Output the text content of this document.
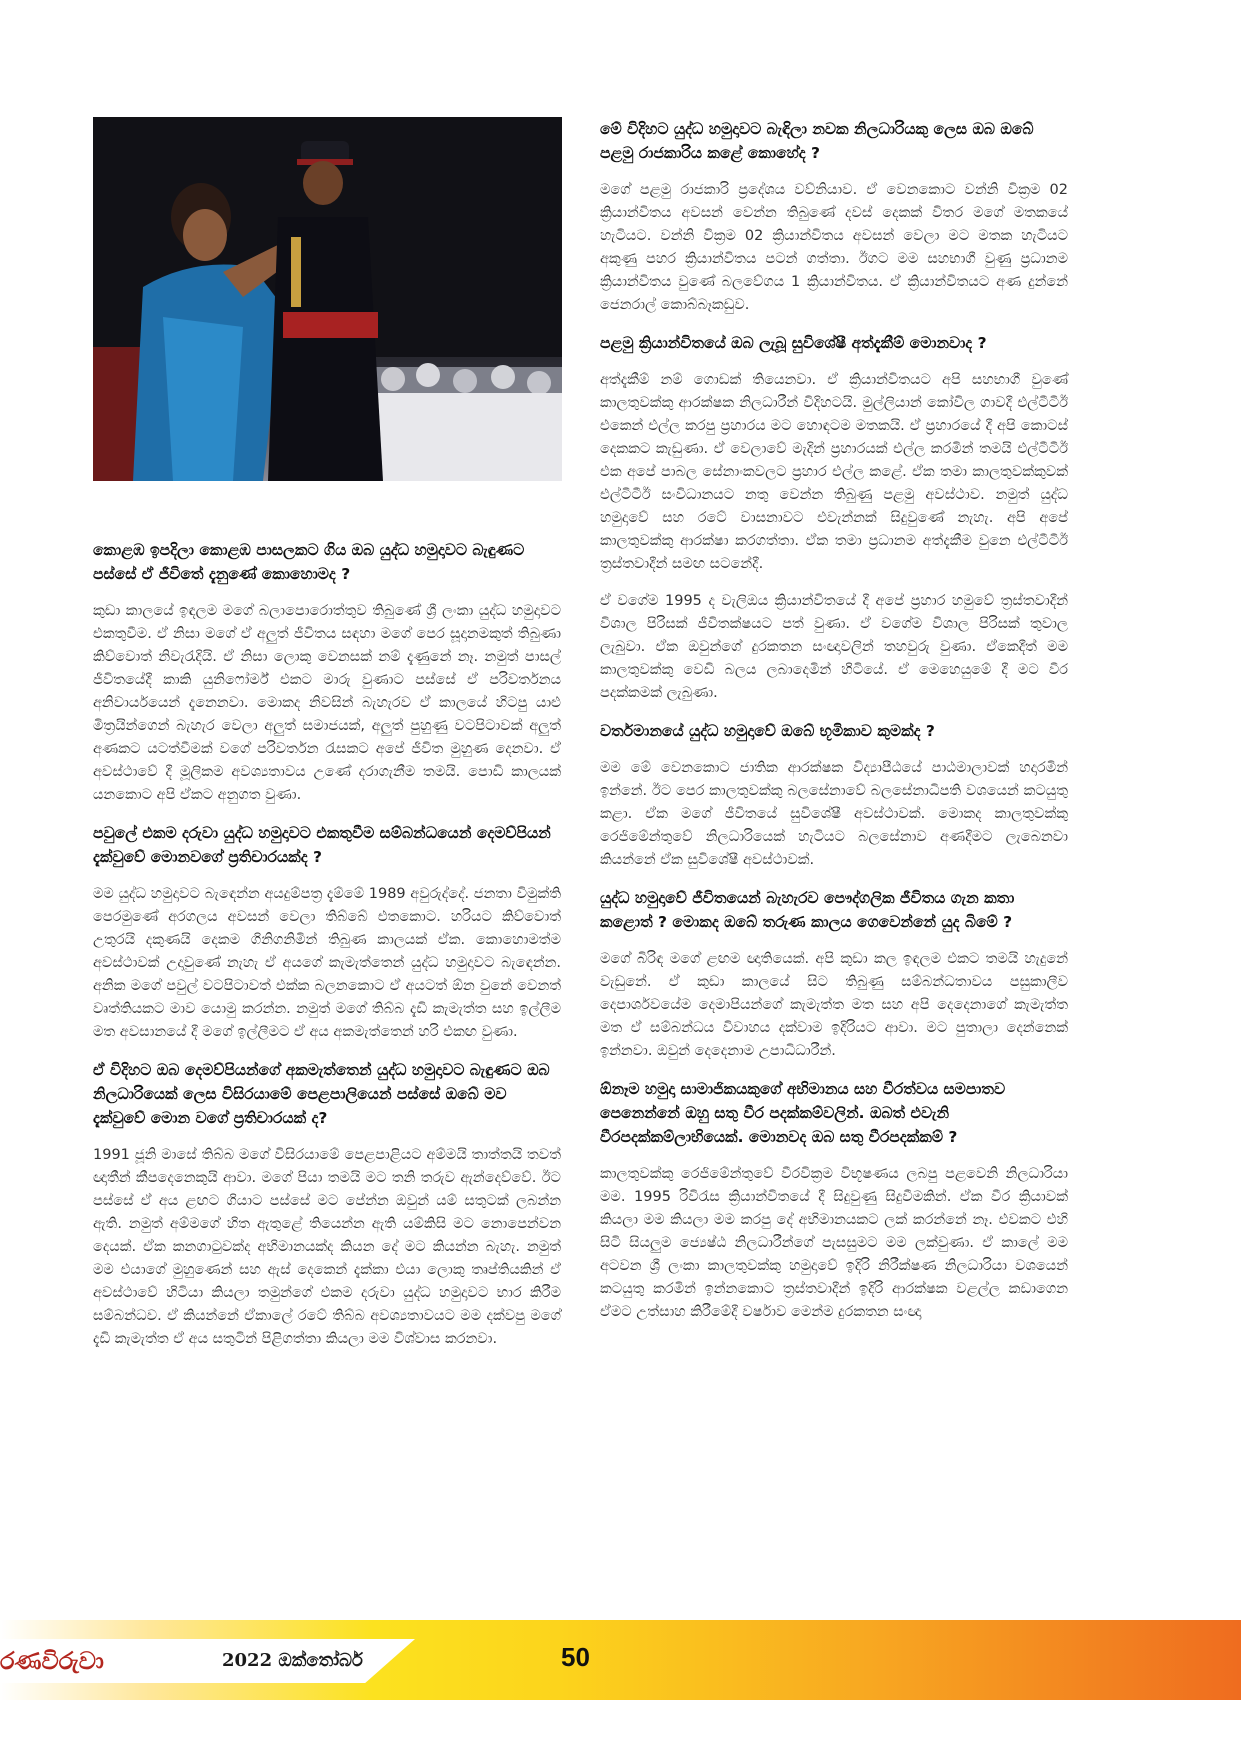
කොළඹ ඉපදිලා කොළඹ පාසලකට ගිය ඔබ යුද්ධ හමුදාවට බැඳුණට පස්සේ ඒ ජීවිතේ දැනුණේ කොහොමද ?

කුඩා කාලයේ ඉඳලම මගේ බලාපොරොත්තුව තිබුණේ ශ්‍රී ලංකා යුද්ධ හමුදාවට එකතුවීම. ඒ නිසා මගේ ඒ අලුත් ජීවිතය සඳහා මගේ පෙර සූදානමකුත් තිබුණා කිව්වොත් නිවැරැදියි. ඒ නිසා ලොකු වෙනසක් නම් දැණුනේ නෑ. නමුත් පාසල් ජීවිතයේදී කාකි යුනිෆෝර්ම් එකට මාරු වුණාට පස්සේ ඒ පරිවර්තනය අනිවාර්යයෙන් දැනෙනවා. මොකද නිවසින් බැහැරව ඒ කාලයේ හිටපු යාළු මිත්‍රයින්ගෙන් බැහැර වෙලා අලුත් සමාජයක්, අලුත් පුහුණු වටපිටාවක් අලුත් අණකට යටත්වීමක් වගේ පරිවර්තන රැසකට අපේ ජීවිත මුහුණ දෙනවා. ඒ අවස්ථාවේ දී මූලිකම අවශ්‍යතාවය උණේ දරාගැනීම තමයි. පොඩි කාලයක් යනකොට අපි ඒකට අනුගත වුණා.

පවුලේ එකම දරුවා යුද්ධ හමුදාවට එකතුවීම සම්බන්ධයෙන් දෙමව්පියන් දැක්වුවේ මොනවගේ ප්‍රතිචාරයක්ද ?

මම යුද්ධ හමුදාවට බැඳෙන්න අයදුම්පත්‍ර දැම්මේ 1989 අවුරුද්දේ. ජනතා විමුක්ති පෙරමුණේ අරගලය අවසන් වෙලා තිබ්බේ එතකොට. හරියට කිව්වොත් උතුරයි දකුණයි දෙකම ගිනිගනිමින් තිබුණ කාලයක් ඒක. කොහොමත්ම අවස්ථාවක් උදාවුණේ නැහැ ඒ අයගේ කැමැත්තෙන් යුද්ධ හමුදාවට බැඳෙන්න. අනික මගේ පවුල් වටපිටාවත් එක්ක බලනකොට ඒ අයටත් ඕන වුනේ වෙනත් වෘත්තියකට මාව යොමු කරන්න. නමුත් මගේ තිබ්බ දැඩි කැමැත්ත සහ ඉල්ලීම මත අවසානයේ දී මගේ ඉල්ලීමට ඒ අය අකමැත්තෙන් හරි එකඟ වුණා.

ඒ විදිහට ඔබ දෙමව්පියන්ගේ අකමැත්තෙන් යුද්ධ හමුදාවට බැඳුණට ඔබ නිලධාරියෙක් ලෙස විසිරයාමේ පෙළපාලියෙන් පස්සේ ඔබේ මව දැක්වුවේ මොන වගේ ප්‍රතිචාරයක් ද?

1991 ජූනි මාසේ තිබ්බ මගේ විසිරයාමේ පෙළපාළියට අම්මයි තාත්තයි තවත් ඥාතීන් කීපදෙනෙකුයි ආවා. මගේ පියා තමයි මට තනි තරුව ඇන්දෙව්වේ. ඊට පස්සේ ඒ අය ළඟට ගියාට පස්සේ මට පේන්න ඔවුන් යම් සතුටක් ලබන්න ඇති. නමුත් අම්මගේ හිත ඇතුළේ තියෙන්න ඇති යම්කිසි මට නොපෙන්වන දෙයක්. ඒක කනගාටුවක්ද අභිමානයක්ද කියන දේ මට කියන්න බැහැ. නමුත් මම එයාගේ මුහුණෙන් සහ ඇස් දෙකෙන් දැක්කා එයා ලොකු තෘප්තියකින් ඒ අවස්ථාවේ හිටියා කියලා තමුන්ගේ එකම දරුවා යුද්ධ හමුදාවට භාර කිරීම සම්බන්ධව. ඒ කියන්නේ ඒකාලේ රටේ තිබ්බ අවශ්‍යතාවයට මම දක්වපු මගේ දැඩි කැමැත්ත ඒ අය සතුටින් පිළිගත්තා කියලා මම විශ්වාස කරනවා.

මේ විදිහට යුද්ධ හමුදාවට බැඳිලා නවක නිලධාරියකු ලෙස ඔබ ඔබේ පළමු රාජකාරිය කළේ කොහේද ?

මගේ පළමු රාජකාරි ප්‍රදේශය වව්නියාව. ඒ වෙනකොට වන්නි වික්‍රම 02 ක්‍රියාන්විතය අවසන් වෙන්න තිබුණේ දවස් දෙකක් විතර මගේ මතකයේ හැටියට. වන්නි වික්‍රම 02 ක්‍රියාන්විතය අවසන් වෙලා මට මතක හැටියට අකුණු පහර ක්‍රියාන්විතය පටන් ගත්තා. ඊගට මම සහභාගී වුණු ප්‍රධානම ක්‍රියාන්විතය වුණේ බලවේගය 1 ක්‍රියාන්විතය. ඒ ක්‍රියාන්විතයට අණ දුන්නේ ජෙනරාල් කොබ්බෑකඩුව.

පළමු ක්‍රියාන්විතයේ ඔබ ලැබූ සුවිශේෂී අත්දැකීම් මොනවාද ?

අත්දැකීම් නම් ගොඩක් තියෙනවා. ඒ ක්‍රියාන්විතයට අපි සහභාගී වුණේ කාලතුවක්කු ආරක්ෂක නිලධාරීන් විදිහටයි. මුල්ලියාන් කෝවිල ගාවදී එල්ටීටීඊ එකෙන් එල්ල කරපු ප්‍රහාරය මට හොඳටම මතකයි. ඒ ප්‍රහාරයේ දී අපි කොටස් දෙකකට කැඩුණා. ඒ වෙලාවේ මැදින් ප්‍රහාරයක් එල්ල කරමින් තමයි එල්ටීටීඊ එක අපේ පාබල සේනාංකවලට ප්‍රහාර එල්ල කළේ. ඒක තමා කාලතුවක්කුවක් එල්ටීටීඊ සංවිධානයට නතු වෙන්න තිබුණු පළමු අවස්ථාව. නමුත් යුද්ධ හමුදාවේ සහ රටේ වාසනාවට එවැන්නක් සිදුවුණේ නැහැ. අපි අපේ කාලතුවක්කු ආරක්ෂා කරගත්තා. ඒක තමා ප්‍රධානම අත්දැකීම වුනෙ එල්ටීටීඊ ත්‍රස්තවාදීන් සමඟ සටනේදී.

ඒ වගේම 1995 ද වැලිඔය ක්‍රියාන්විතයේ දී අපේ ප්‍රහාර හමුවේ ත්‍රස්තවාදීන් විශාල පිරිසක් ජීවිතක්ෂයට පත් වුණා. ඒ වගේම විශාල පිරිසක් තුවාල ලැබුවා. ඒක ඔවුන්ගේ දුරකතන සංඥාවලින් තහවුරු වුණා. ඒකෙදීත් මම කාලතුවක්කු වෙඩි බලය ලබාදෙමින් හිටියේ. ඒ මෙහෙයුමේ දී මට වීර පදක්කමක් ලැබුණා.

වර්තමානයේ යුද්ධ හමුදාවේ ඔබේ භූමිකාව කුමක්ද ?

මම මේ වෙනකොට ජාතික ආරක්ෂක විද්‍යාපීඨයේ පාඨමාලාවක් හදාරමින් ඉන්නේ. ඊට පෙර කාලතුවක්කු බලසේනාවේ බලසේනාධිපති වශයෙන් කටයුතු කළා. ඒක මගේ ජීවිතයේ සුවිශේෂී අවස්ථාවක්. මොකද කාලතුවක්කු රෙජිමේන්තුවේ නිලධාරියෙක් හැටියට බලසේනාව අණදීමට ලැබෙනවා කියන්නේ ඒක සුවිශේෂී අවස්ථාවක්.

යුද්ධ හමුදාවේ ජීවිතයෙන් බැහැරව පෞද්ගලික ජීවිතය ගැන කතා කළොත් ? මොකද ඔබේ තරුණ කාලය ගෙවෙන්නේ යුද බිමේ ?

මගේ බිරිඳ මගේ ළඟම ඥාතියෙක්. අපි කුඩා කල ඉඳලම එකට තමයි හැදුනේ වැඩුනේ. ඒ කුඩා කාලයේ සිට තිබුණු සම්බන්ධතාවය පසුකාලීව දෙපාර්ශවයේම දෙමාපියන්ගේ කැමැත්ත මත සහ අපි දෙදෙනාගේ කැමැත්ත මත ඒ සම්බන්ධය විවාහය දක්වාම ඉදිරියට ආවා. මට පුතාලා දෙන්නෙක් ඉන්නවා. ඔවුන් දෙදෙනාම උපාධිධාරීන්.

ඕනෑම හමුදා සාමාජිකයකුගේ අභිමානය සහ වීරත්වය සමපාතව පෙනෙන්නේ ඔහු සතු වීර පදක්කම්වලින්. ඔබත් එවැනි වීරපදක්කම්ලාභියෙක්. මොනවද ඔබ සතු වීරපදක්කම් ?

කාලතුවක්කු රෙජිමේන්තුවේ වීරවික්‍රම විභූෂණය ලබපු පළවෙනි නිලධාරියා මම. 1995 රිවිරැස ක්‍රියාන්විතයේ දී සිදුවුණු සිදුවීමකින්. ඒක වීර ක්‍රියාවක් කියලා මම කියලා මම කරපු දේ අභිමානයකට ලක් කරන්නේ නෑ. එවකට එහි සිටි සියලුම ජ්‍යෙෂ්ඨ නිලධාරීන්ගේ පැසසුමට මම ලක්වුණා. ඒ කාලේ මම අටවන ශ්‍රී ලංකා කාලතුවක්කු හමුදාවේ ඉදිරි නිරීක්ෂණ නිලධාරියා වශයෙන් කටයුතු කරමින් ඉන්නකොට ත්‍රස්තවාදීන් ඉදිරි ආරක්ෂක වළල්ල කඩාගෙන ඒමට උත්සාහ කිරීමේදී වර්ෂාව මෙන්ම දුරකතන සංඥා

රණවිරුවා	2022 ඔක්තෝබර්	50
